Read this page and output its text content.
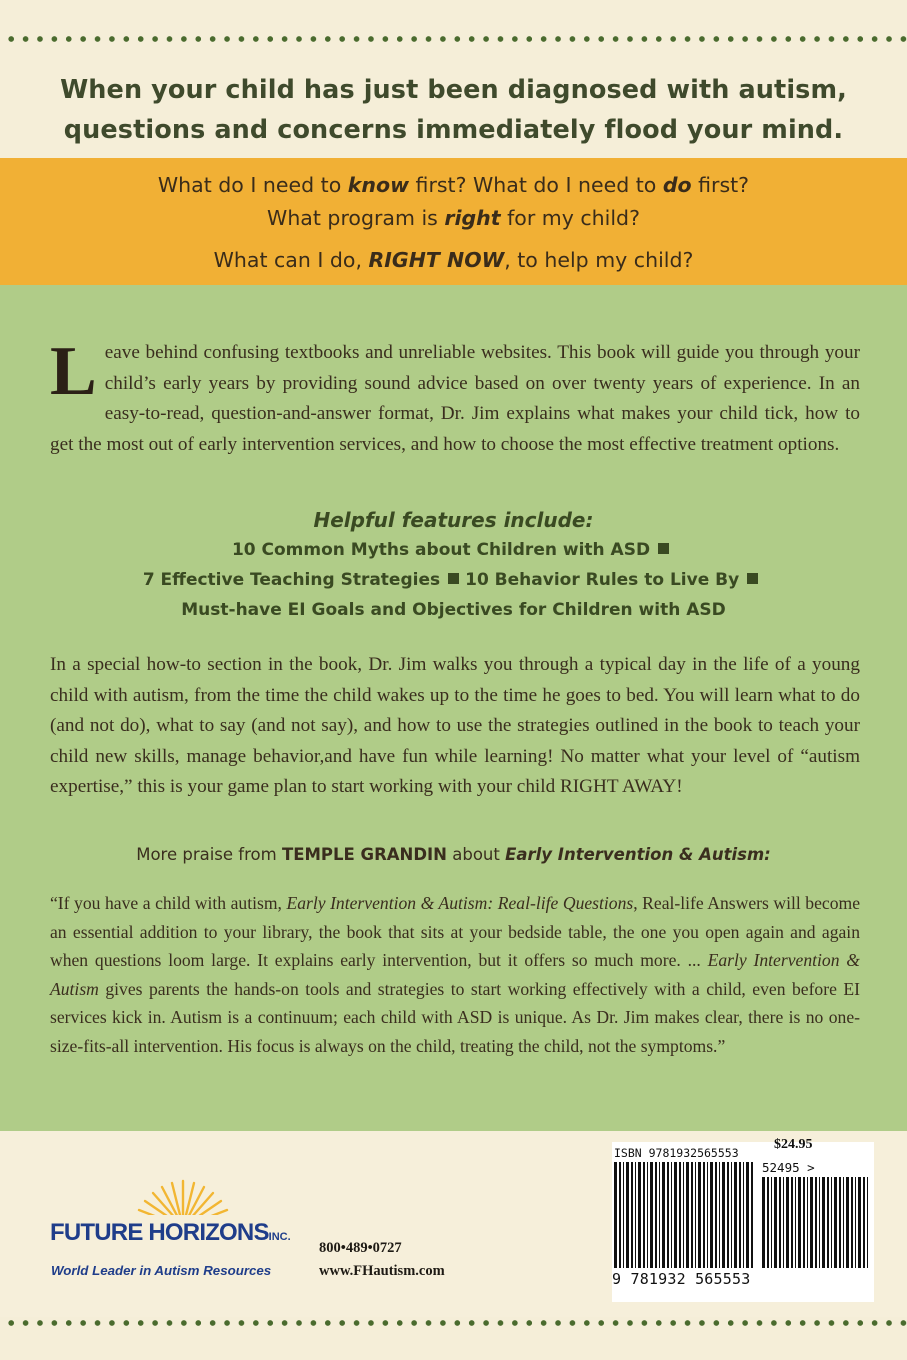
When your child has just been diagnosed with autism,
questions and concerns immediately flood your mind.
What do I need to know first? What do I need to do first?
What program is right for my child?
What can I do, RIGHT NOW, to help my child?
Leave behind confusing textbooks and unreliable websites. This book will guide you through your child’s early years by providing sound advice based on over twenty years of experience. In an easy-to-read, question-and-answer format, Dr. Jim explains what makes your child tick, how to get the most out of early intervention services, and how to choose the most effective treatment options.
Helpful features include:
10 Common Myths about Children with ASD
7 Effective Teaching Strategies 10 Behavior Rules to Live By
Must-have EI Goals and Objectives for Children with ASD
In a special how-to section in the book, Dr. Jim walks you through a typical day in the life of a young child with autism, from the time the child wakes up to the time he goes to bed. You will learn what to do (and not do), what to say (and not say), and how to use the strategies outlined in the book to teach your child new skills, manage behavior,and have fun while learning! No matter what your level of “autism expertise,” this is your game plan to start working with your child RIGHT AWAY!
More praise from TEMPLE GRANDIN about Early Intervention & Autism:
“If you have a child with autism, Early Intervention & Autism: Real-life Questions, Real-life Answers will become an essential addition to your library, the book that sits at your bedside table, the one you open again and again when questions loom large. It explains early intervention, but it offers so much more. ... Early Intervention & Autism gives parents the hands-on tools and strategies to start working effectively with a child, even before EI services kick in. Autism is a continuum; each child with ASD is unique. As Dr. Jim makes clear, there is no one-size-fits-all intervention. His focus is always on the child, treating the child, not the symptoms.”
FUTURE HORIZONSINC.
World Leader in Autism Resources
800•489•0727
www.FHautism.com
ISBN 9781932565553
$24.95
52495 >
9 781932 565553
